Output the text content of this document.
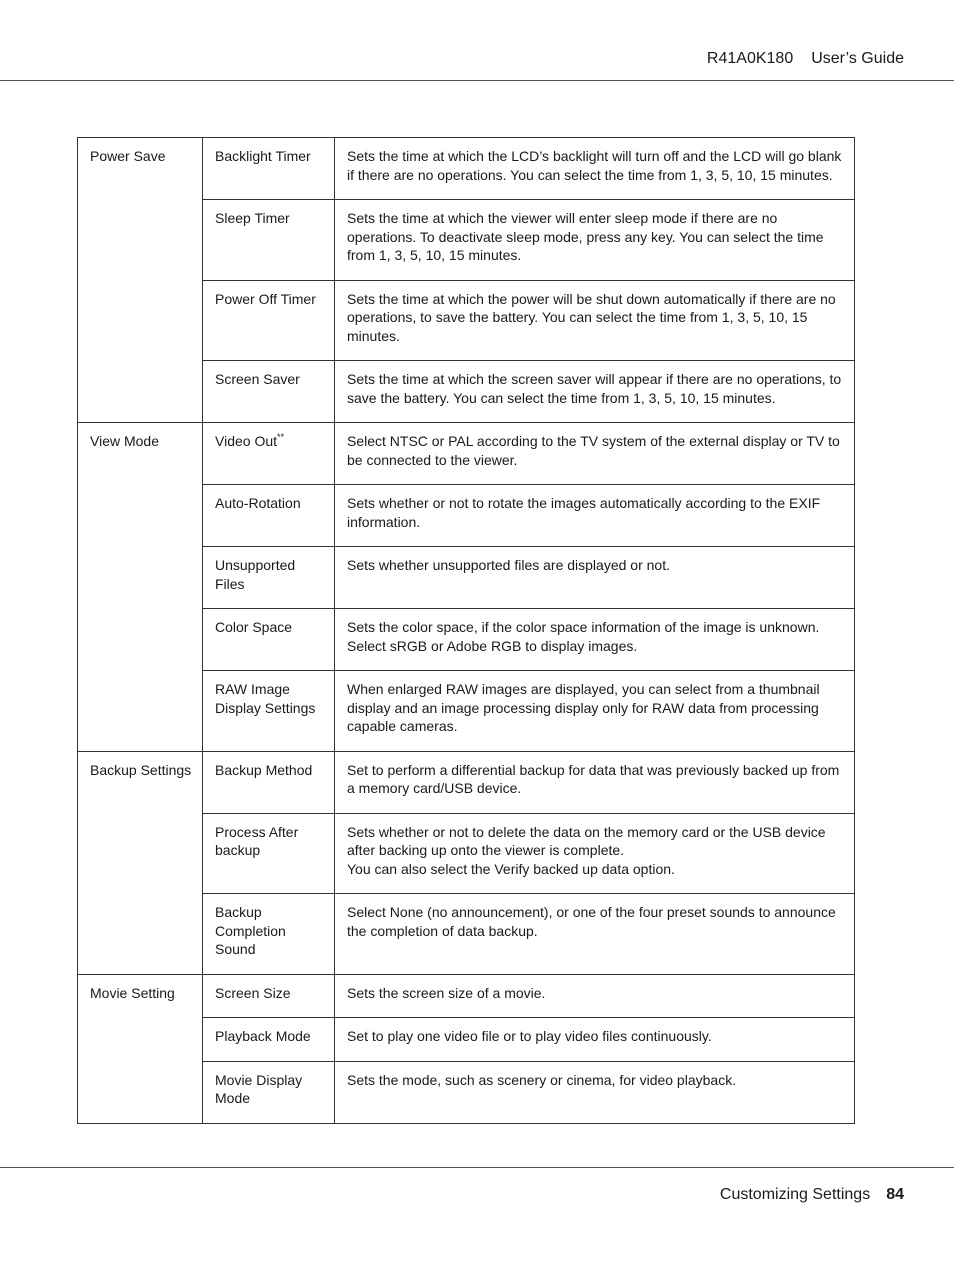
R41A0K180 User’s Guide
Power Save	Backlight Timer	Sets the time at which the LCD’s backlight will turn off and the LCD will go blank if there are no operations. You can select the time from 1, 3, 5, 10, 15 minutes.
	Sleep Timer	Sets the time at which the viewer will enter sleep mode if there are no operations. To deactivate sleep mode, press any key. You can select the time from 1, 3, 5, 10, 15 minutes.
	Power Off Timer	Sets the time at which the power will be shut down automatically if there are no operations, to save the battery. You can select the time from 1, 3, 5, 10, 15 minutes.
	Screen Saver	Sets the time at which the screen saver will appear if there are no operations, to save the battery. You can select the time from 1, 3, 5, 10, 15 minutes.
View Mode	Video Out**	Select NTSC or PAL according to the TV system of the external display or TV to be connected to the viewer.
	Auto-Rotation	Sets whether or not to rotate the images automatically according to the EXIF information.
	Unsupported Files	Sets whether unsupported files are displayed or not.
	Color Space	Sets the color space, if the color space information of the image is unknown. Select sRGB or Adobe RGB to display images.
	RAW Image Display Settings	When enlarged RAW images are displayed, you can select from a thumbnail display and an image processing display only for RAW data from processing capable cameras.
Backup Settings	Backup Method	Set to perform a differential backup for data that was previously backed up from a memory card/USB device.
	Process After backup	Sets whether or not to delete the data on the memory card or the USB device after backing up onto the viewer is complete.
You can also select the Verify backed up data option.

	Backup Completion Sound	Select None (no announcement), or one of the four preset sounds to announce the completion of data backup.
Movie Setting	Screen Size	Sets the screen size of a movie.
	Playback Mode	Set to play one video file or to play video files continuously.
	Movie Display Mode	Sets the mode, such as scenery or cinema, for video playback.
Customizing Settings 84
